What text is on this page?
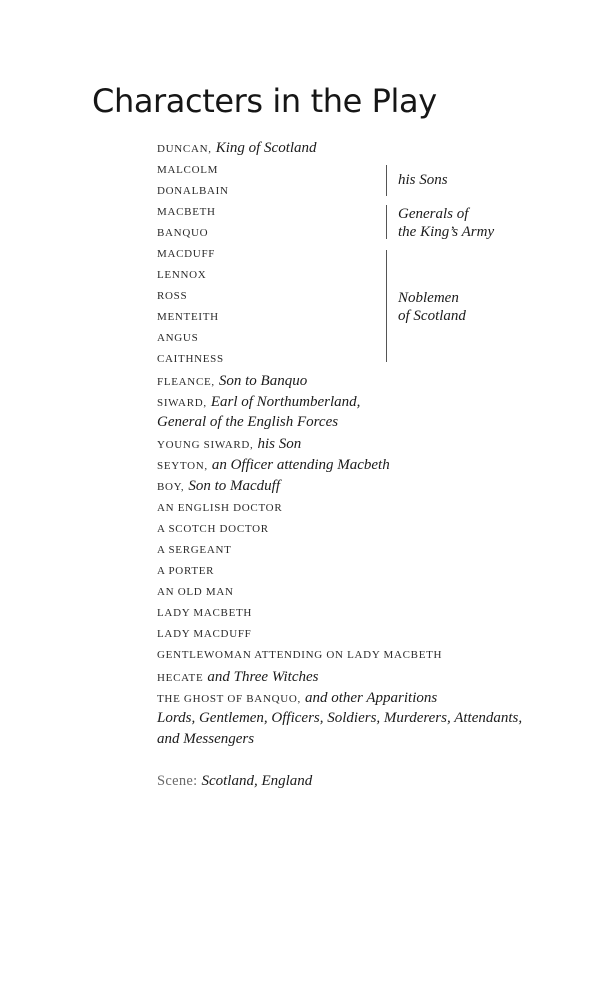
Characters in the Play
DUNCAN, King of Scotland
MALCOLM
DONALBAIN
MACBETH
BANQUO
MACDUFF
LENNOX
ROSS
MENTEITH
ANGUS
CAITHNESS
FLEANCE, Son to Banquo
SIWARD, Earl of Northumberland,
General of the English Forces
YOUNG SIWARD, his Son
SEYTON, an Officer attending Macbeth
BOY, Son to Macduff
AN ENGLISH DOCTOR
A SCOTCH DOCTOR
A SERGEANT
A PORTER
AN OLD MAN
LADY MACBETH
LADY MACDUFF
GENTLEWOMAN ATTENDING ON LADY MACBETH
HECATE and Three Witches
THE GHOST OF BANQUO, and other Apparitions
Lords, Gentlemen, Officers, Soldiers, Murderers, Attendants,
and Messengers
Scene: Scotland, England
his Sons
Generals of
the King’s Army
Noblemen
of Scotland
